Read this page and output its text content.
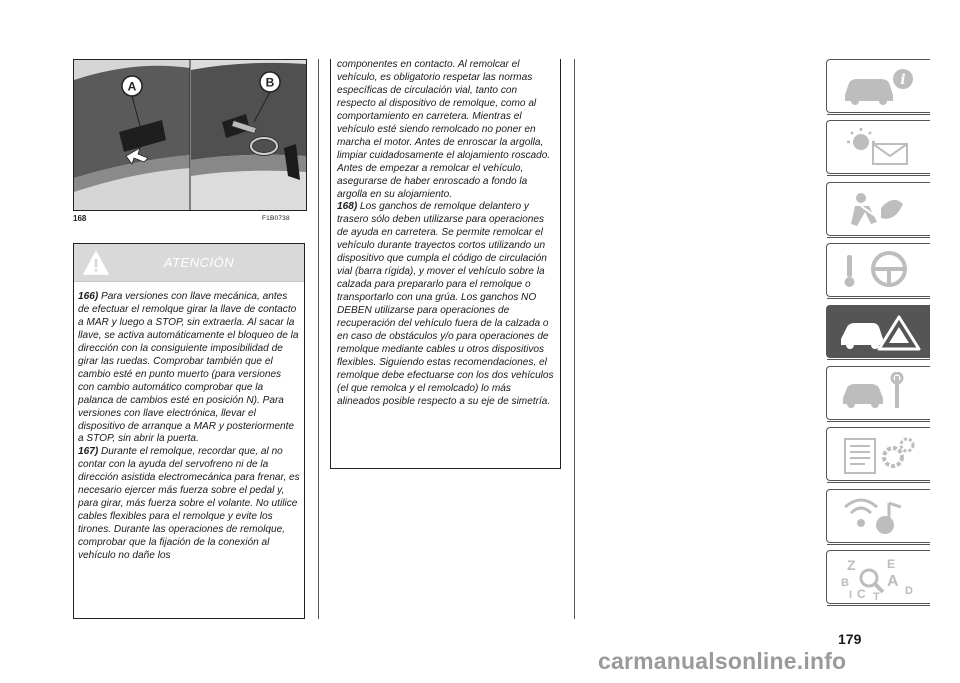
A	B
168	F1B0738
ATENCIÓN

166) Para versiones con llave mecánica, antes de efectuar el remolque girar la llave de contacto a MAR y luego a STOP, sin extraerla. Al sacar la llave, se activa automáticamente el bloqueo de la dirección con la consiguiente imposibilidad de girar las ruedas. Comprobar también que el cambio esté en punto muerto (para versiones con cambio automático comprobar que la palanca de cambios esté en posición N). Para versiones con llave electrónica, llevar el dispositivo de arranque a MAR y posteriormente a STOP, sin abrir la puerta.

167) Durante el remolque, recordar que, al no contar con la ayuda del servofreno ni de la dirección asistida electromecánica para frenar, es necesario ejercer más fuerza sobre el pedal y, para girar, más fuerza sobre el volante. No utilice cables flexibles para el remolque y evite los tirones. Durante las operaciones de remolque, comprobar que la fijación de la conexión al vehículo no dañe los

componentes en contacto. Al remolcar el vehículo, es obligatorio respetar las normas específicas de circulación vial, tanto con respecto al dispositivo de remolque, como al comportamiento en carretera. Mientras el vehículo esté siendo remolcado no poner en marcha el motor. Antes de enroscar la argolla, limpiar cuidadosamente el alojamiento roscado. Antes de empezar a remolcar el vehículo, asegurarse de haber enroscado a fondo la argolla en su alojamiento.

168) Los ganchos de remolque delantero y trasero sólo deben utilizarse para operaciones de ayuda en carretera. Se permite remolcar el vehículo durante trayectos cortos utilizando un dispositivo que cumpla el código de circulación vial (barra rígida), y mover el vehículo sobre la calzada para prepararlo para el remolque o transportarlo con una grúa. Los ganchos NO DEBEN utilizarse para operaciones de recuperación del vehículo fuera de la calzada o en caso de obstáculos y/o para operaciones de remolque mediante cables u otros dispositivos flexibles. Siguiendo estas recomendaciones, el remolque debe efectuarse con los dos vehículos (el que remolca y el remolcado) lo más alineados posible respecto a su eje de simetría.

i
Z	E
B A
D
I C T
179
carmanualsonline.info
